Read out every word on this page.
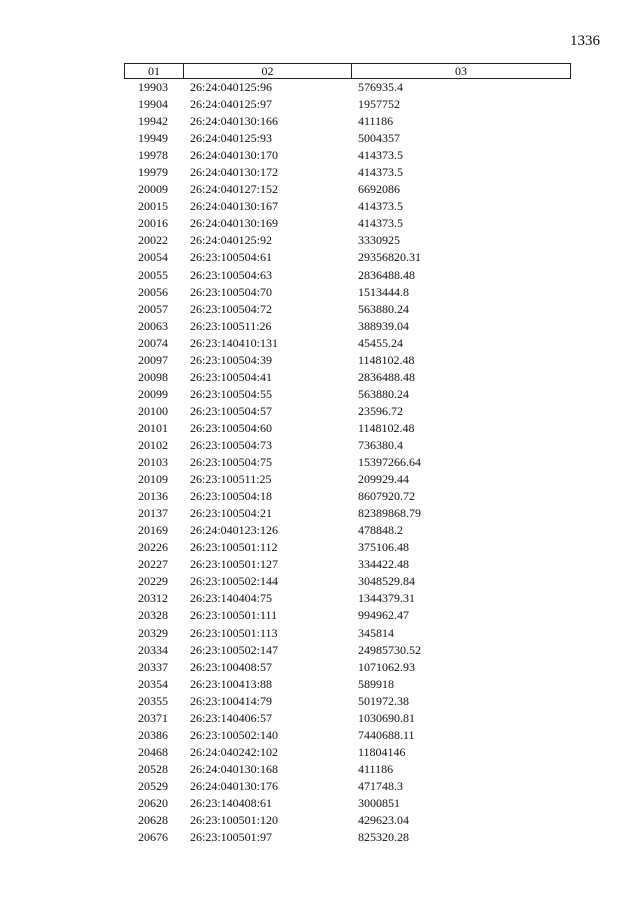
1336
01	02	03
19903	26:24:040125:96	576935.4
19904	26:24:040125:97	1957752
19942	26:24:040130:166	411186
19949	26:24:040125:93	5004357
19978	26:24:040130:170	414373.5
19979	26:24:040130:172	414373.5
20009	26:24:040127:152	6692086
20015	26:24:040130:167	414373.5
20016	26:24:040130:169	414373.5
20022	26:24:040125:92	3330925
20054	26:23:100504:61	29356820.31
20055	26:23:100504:63	2836488.48
20056	26:23:100504:70	1513444.8
20057	26:23:100504:72	563880.24
20063	26:23:100511:26	388939.04
20074	26:23:140410:131	45455.24
20097	26:23:100504:39	1148102.48
20098	26:23:100504:41	2836488.48
20099	26:23:100504:55	563880.24
20100	26:23:100504:57	23596.72
20101	26:23:100504:60	1148102.48
20102	26:23:100504:73	736380.4
20103	26:23:100504:75	15397266.64
20109	26:23:100511:25	209929.44
20136	26:23:100504:18	8607920.72
20137	26:23:100504:21	82389868.79
20169	26:24:040123:126	478848.2
20226	26:23:100501:112	375106.48
20227	26:23:100501:127	334422.48
20229	26:23:100502:144	3048529.84
20312	26:23:140404:75	1344379.31
20328	26:23:100501:111	994962.47
20329	26:23:100501:113	345814
20334	26:23:100502:147	24985730.52
20337	26:23:100408:57	1071062.93
20354	26:23:100413:88	589918
20355	26:23:100414:79	501972.38
20371	26:23:140406:57	1030690.81
20386	26:23:100502:140	7440688.11
20468	26:24:040242:102	11804146
20528	26:24:040130:168	411186
20529	26:24:040130:176	471748.3
20620	26:23:140408:61	3000851
20628	26:23:100501:120	429623.04
20676	26:23:100501:97	825320.28
